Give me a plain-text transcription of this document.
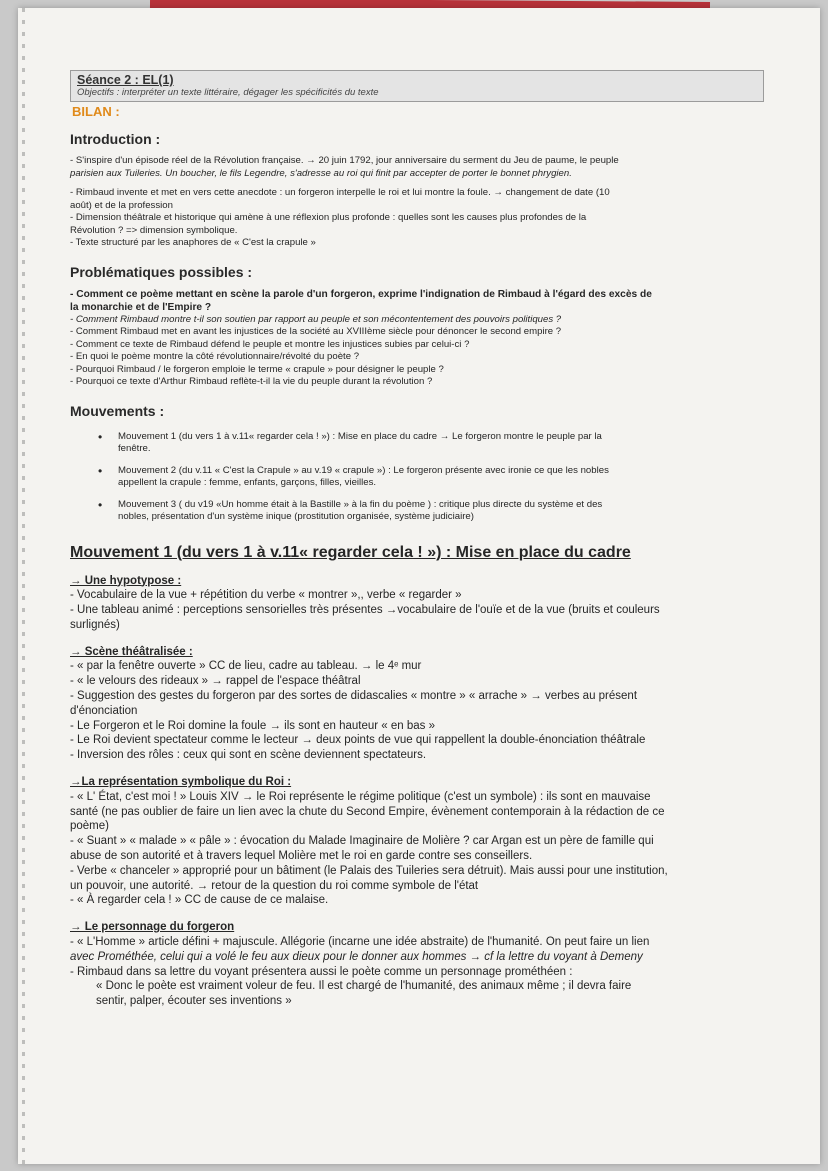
Séance 2 : EL(1)
Objectifs : interpréter un texte littéraire, dégager les spécificités du texte
BILAN :
Introduction :

- S'inspire d'un épisode réel de la Révolution française. → 20 juin 1792, jour anniversaire du serment du Jeu de paume, le peuple

parisien aux Tuileries. Un boucher, le fils Legendre, s'adresse au roi qui finit par accepter de porter le bonnet phrygien.

- Rimbaud invente et met en vers cette anecdote : un forgeron interpelle le roi et lui montre la foule. → changement de date (10

août) et de la profession

- Dimension théâtrale et historique qui amène à une réflexion plus profonde : quelles sont les causes plus profondes de la

Révolution ? => dimension symbolique.

- Texte structuré par les anaphores de « C'est la crapule »

Problématiques possibles :

- Comment ce poème mettant en scène la parole d'un forgeron, exprime l'indignation de Rimbaud à l'égard des excès de

la monarchie et de l'Empire ?

- Comment Rimbaud montre t-il son soutien par rapport au peuple et son mécontentement des pouvoirs politiques ?

- Comment Rimbaud met en avant les injustices de la société au XVIIIème siècle pour dénoncer le second empire ?

- Comment ce texte de Rimbaud défend le peuple et montre les injustices subies par celui-ci ?

- En quoi le poème montre la côté révolutionnaire/révolté du poète ?

- Pourquoi Rimbaud / le forgeron emploie le terme « crapule » pour désigner le peuple ?

- Pourquoi ce texte d'Arthur Rimbaud reflète-t-il la vie du peuple durant la révolution ?

Mouvements :
• Mouvement 1 (du vers 1 à v.11« regarder cela ! ») : Mise en place du cadre → Le forgeron montre le peuple par la
fenêtre.
• Mouvement 2 (du v.11 « C'est la Crapule » au v.19 « crapule ») : Le forgeron présente avec ironie ce que les nobles
appellent la crapule : femme, enfants, garçons, filles, vieilles.
• Mouvement 3 ( du v19 «Un homme était à la Bastille » à la fin du poème ) : critique plus directe du système et des
nobles, présentation d'un système inique (prostitution organisée, système judiciaire)
Mouvement 1 (du vers 1 à v.11« regarder cela ! ») : Mise en place du cadre

→ Une hypotypose :

- Vocabulaire de la vue + répétition du verbe « montrer »,, verbe « regarder »

- Une tableau animé : perceptions sensorielles très présentes →vocabulaire de l'ouïe et de la vue (bruits et couleurs

surlignés)

→ Scène théâtralisée :

- « par la fenêtre ouverte » CC de lieu, cadre au tableau. → le 4ᵉ mur

- « le velours des rideaux » → rappel de l'espace théâtral

- Suggestion des gestes du forgeron par des sortes de didascalies « montre » « arrache » → verbes au présent

d'énonciation

- Le Forgeron et le Roi domine la foule → ils sont en hauteur « en bas »

- Le Roi devient spectateur comme le lecteur → deux points de vue qui rappellent la double-énonciation théâtrale

- Inversion des rôles : ceux qui sont en scène deviennent spectateurs.

→La représentation symbolique du Roi :

- « L' État, c'est moi ! » Louis XIV → le Roi représente le régime politique (c'est un symbole) : ils sont en mauvaise

santé (ne pas oublier de faire un lien avec la chute du Second Empire, évènement contemporain à la rédaction de ce

poème)

- « Suant » « malade » « pâle » : évocation du Malade Imaginaire de Molière ? car Argan est un père de famille qui

abuse de son autorité et à travers lequel Molière met le roi en garde contre ses conseillers.

- Verbe « chanceler » approprié pour un bâtiment (le Palais des Tuileries sera détruit). Mais aussi pour une institution,

un pouvoir, une autorité. → retour de la question du roi comme symbole de l'état

- « À regarder cela ! » CC de cause de ce malaise.

→ Le personnage du forgeron

- « L'Homme » article défini + majuscule. Allégorie (incarne une idée abstraite) de l'humanité. On peut faire un lien

avec Prométhée, celui qui a volé le feu aux dieux pour le donner aux hommes → cf la lettre du voyant à Demeny

- Rimbaud dans sa lettre du voyant présentera aussi le poète comme un personnage prométhéen :

« Donc le poète est vraiment voleur de feu. Il est chargé de l'humanité, des animaux même ; il devra faire

sentir, palper, écouter ses inventions »
